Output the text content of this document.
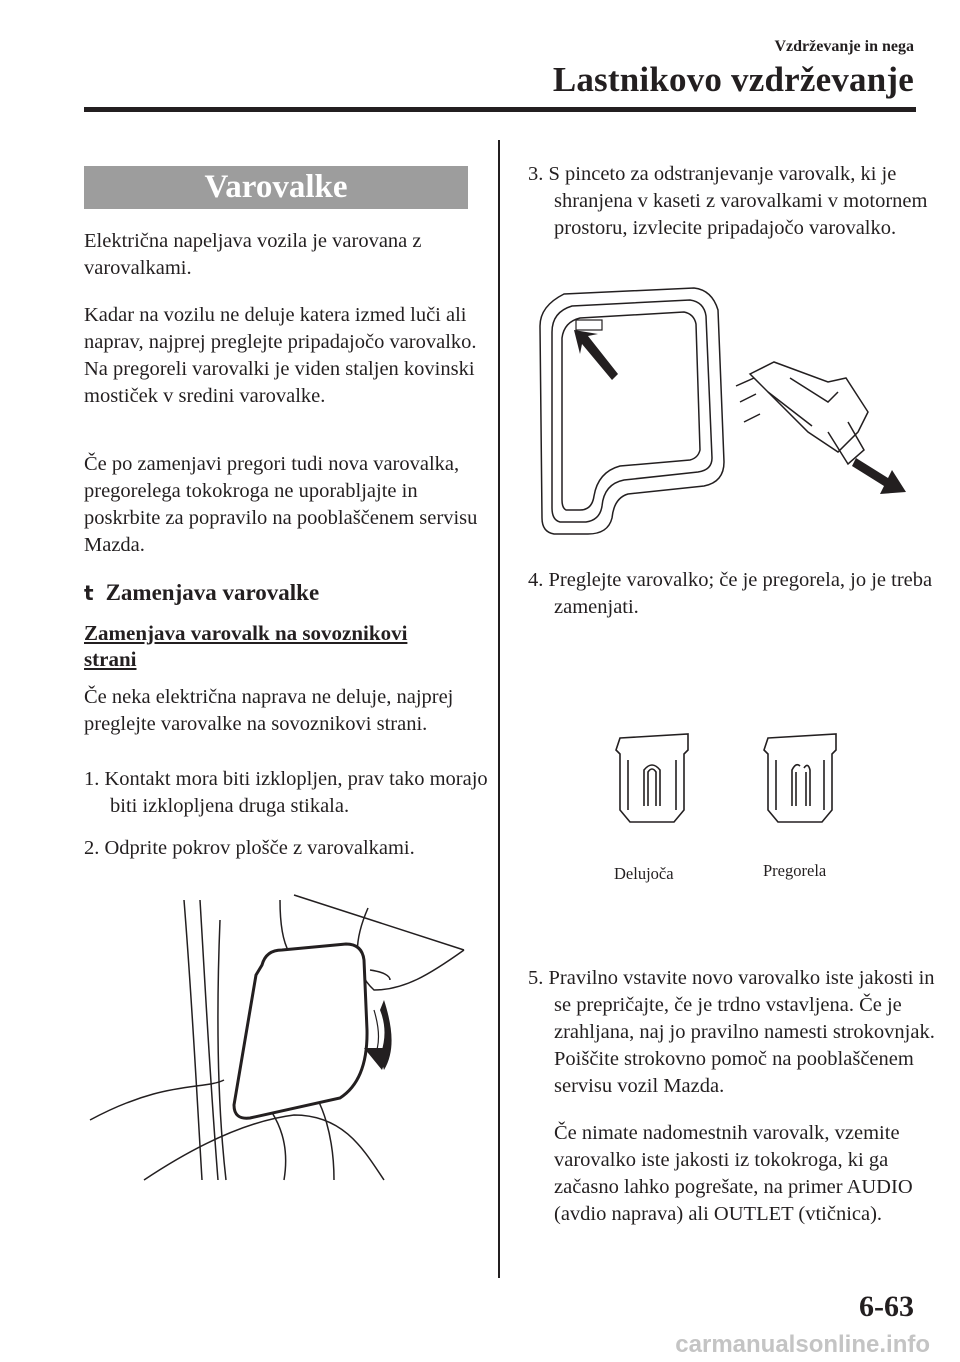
Vzdrževanje in nega
Lastnikovo vzdrževanje
Varovalke
Električna napeljava vozila je varovana z varovalkami.
Kadar na vozilu ne deluje katera izmed luči ali naprav, najprej preglejte pripadajočo varovalko. Na pregoreli varovalki je viden staljen kovinski mostiček v sredini varovalke.
Če po zamenjavi pregori tudi nova varovalka, pregorelega tokokroga ne uporabljajte in poskrbite za popravilo na pooblaščenem servisu Mazda.
t Zamenjava varovalke
Zamenjava varovalk na sovoznikovi strani
Če neka električna naprava ne deluje, najprej preglejte varovalke na sovoznikovi strani.
1. Kontakt mora biti izklopljen, prav tako morajo biti izklopljena druga stikala.
2. Odprite pokrov plošče z varovalkami.
3. S pinceto za odstranjevanje varovalk, ki je shranjena v kaseti z varovalkami v motornem prostoru, izvlecite pripadajočo varovalko.
4. Preglejte varovalko; če je pregorela, jo je treba zamenjati.
Delujoča	Pregorela
5. Pravilno vstavite novo varovalko iste jakosti in se prepričajte, če je trdno vstavljena. Če je zrahljana, naj jo pravilno namesti strokovnjak. Poiščite strokovno pomoč na pooblaščenem servisu vozil Mazda.
Če nimate nadomestnih varovalk, vzemite varovalko iste jakosti iz tokokroga, ki ga začasno lahko pogrešate, na primer AUDIO (avdio naprava) ali OUTLET (vtičnica).
6-63
carmanualsonline.info
